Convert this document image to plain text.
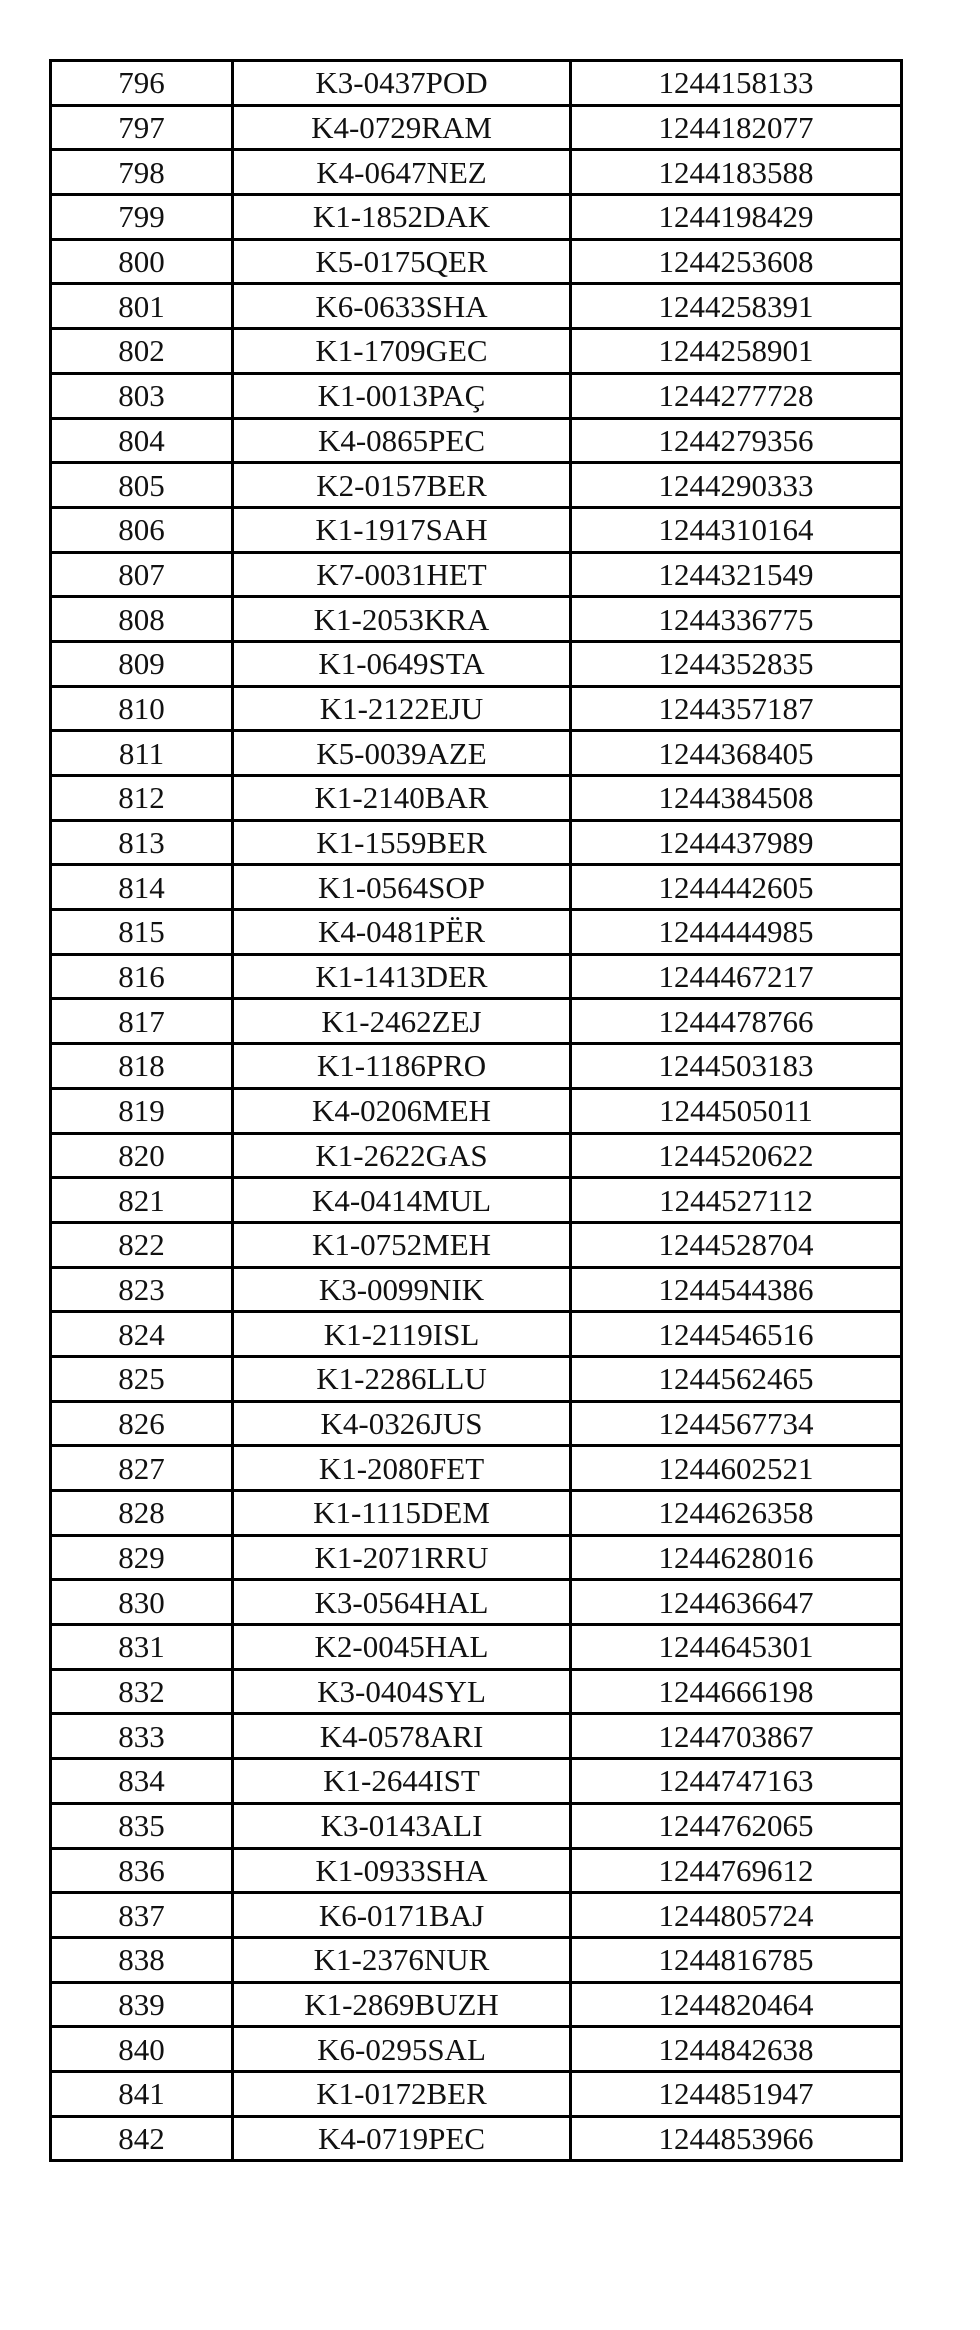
796	K3-0437POD	1244158133
797	K4-0729RAM	1244182077
798	K4-0647NEZ	1244183588
799	K1-1852DAK	1244198429
800	K5-0175QER	1244253608
801	K6-0633SHA	1244258391
802	K1-1709GEC	1244258901
803	K1-0013PAÇ	1244277728
804	K4-0865PEC	1244279356
805	K2-0157BER	1244290333
806	K1-1917SAH	1244310164
807	K7-0031HET	1244321549
808	K1-2053KRA	1244336775
809	K1-0649STA	1244352835
810	K1-2122EJU	1244357187
811	K5-0039AZE	1244368405
812	K1-2140BAR	1244384508
813	K1-1559BER	1244437989
814	K1-0564SOP	1244442605
815	K4-0481PËR	1244444985
816	K1-1413DER	1244467217
817	K1-2462ZEJ	1244478766
818	K1-1186PRO	1244503183
819	K4-0206MEH	1244505011
820	K1-2622GAS	1244520622
821	K4-0414MUL	1244527112
822	K1-0752MEH	1244528704
823	K3-0099NIK	1244544386
824	K1-2119ISL	1244546516
825	K1-2286LLU	1244562465
826	K4-0326JUS	1244567734
827	K1-2080FET	1244602521
828	K1-1115DEM	1244626358
829	K1-2071RRU	1244628016
830	K3-0564HAL	1244636647
831	K2-0045HAL	1244645301
832	K3-0404SYL	1244666198
833	K4-0578ARI	1244703867
834	K1-2644IST	1244747163
835	K3-0143ALI	1244762065
836	K1-0933SHA	1244769612
837	K6-0171BAJ	1244805724
838	K1-2376NUR	1244816785
839	K1-2869BUZH	1244820464
840	K6-0295SAL	1244842638
841	K1-0172BER	1244851947
842	K4-0719PEC	1244853966
